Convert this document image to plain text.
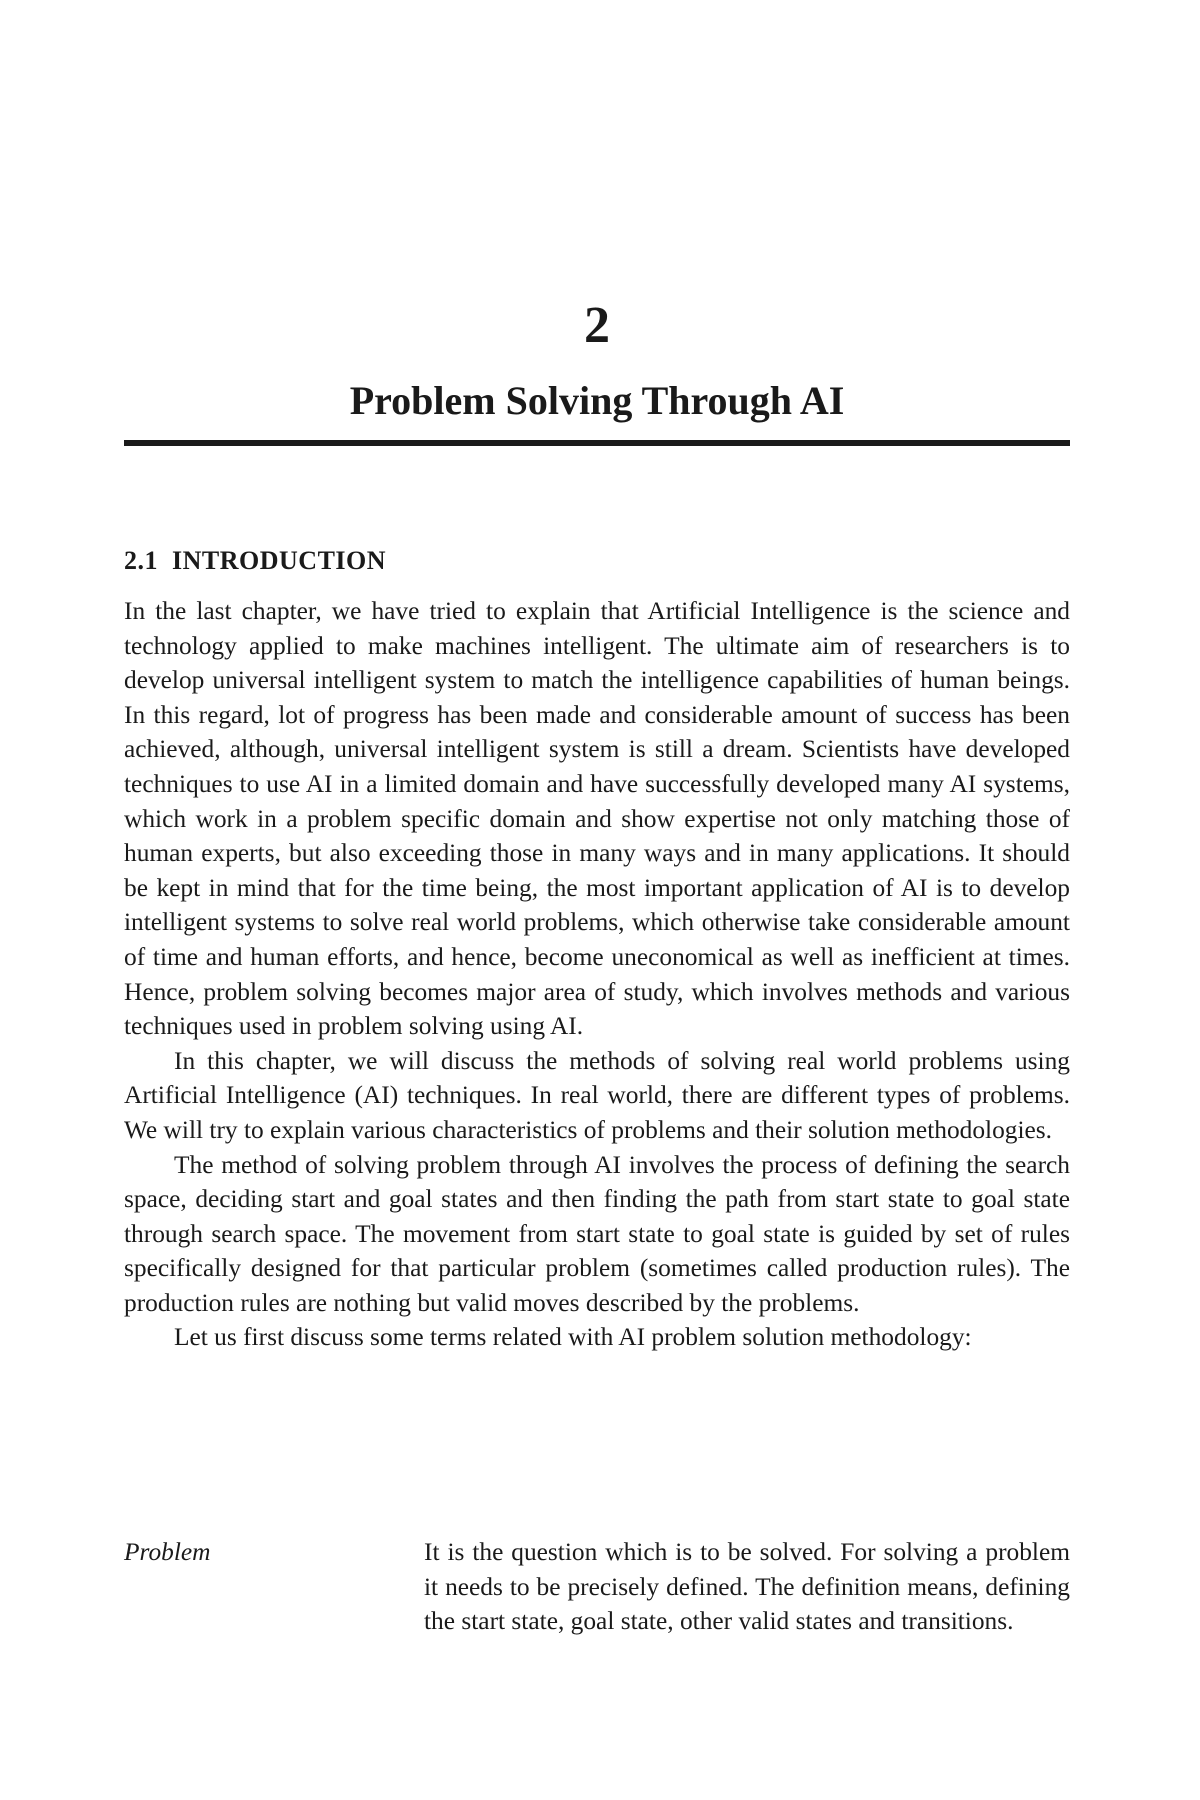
2
Problem Solving Through AI
2.1  INTRODUCTION

In the last chapter, we have tried to explain that Artificial Intelligence is the science and technology applied to make machines intelligent. The ultimate aim of researchers is to develop universal intelligent system to match the intelligence capabilities of human beings. In this regard, lot of progress has been made and considerable amount of success has been achieved, although, universal intelligent system is still a dream. Scientists have developed techniques to use AI in a limited domain and have successfully developed many AI systems, which work in a problem specific domain and show expertise not only matching those of human experts, but also exceeding those in many ways and in many applications. It should be kept in mind that for the time being, the most important application of AI is to develop intelligent systems to solve real world problems, which otherwise take considerable amount of time and human efforts, and hence, become uneconomical as well as inefficient at times. Hence, problem solving becomes major area of study, which involves methods and various techniques used in problem solving using AI.

In this chapter, we will discuss the methods of solving real world problems using Artificial Intelligence (AI) techniques. In real world, there are different types of problems. We will try to explain various characteristics of problems and their solution methodologies.

The method of solving problem through AI involves the process of defining the search space, deciding start and goal states and then finding the path from start state to goal state through search space. The movement from start state to goal state is guided by set of rules specifically designed for that particular problem (sometimes called production rules). The production rules are nothing but valid moves described by the problems.

Let us first discuss some terms related with AI problem solution methodology:

Problem	It is the question which is to be solved. For solving a problem it needs to be precisely defined. The definition means, defining the start state, goal state, other valid states and transitions.
